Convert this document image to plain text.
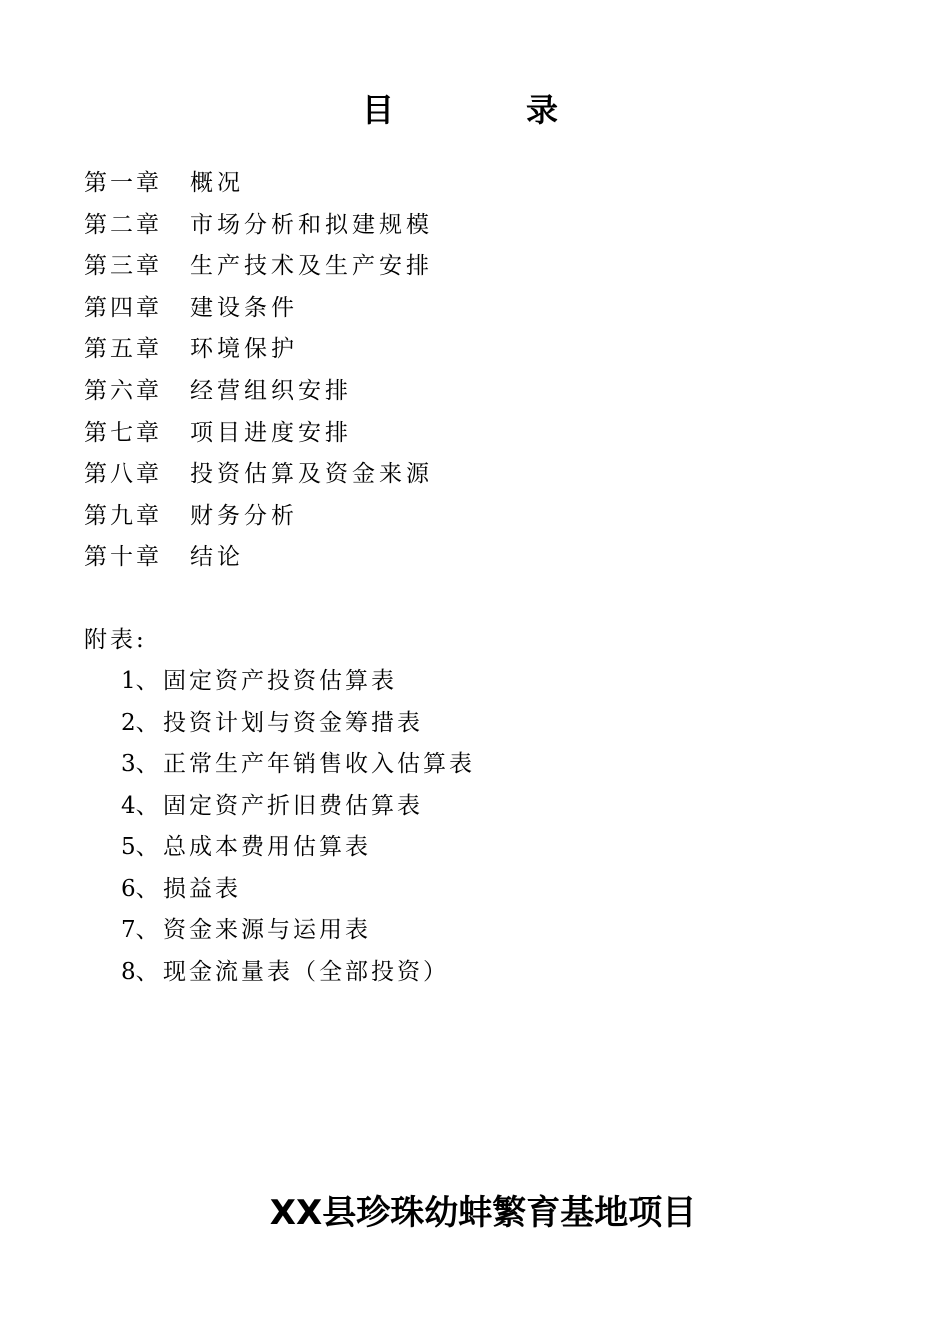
目　录
第一章 概况
第二章 市场分析和拟建规模
第三章 生产技术及生产安排
第四章 建设条件
第五章 环境保护
第六章 经营组织安排
第七章 项目进度安排
第八章 投资估算及资金来源
第九章 财务分析
第十章 结论
附表:
1、 固定资产投资估算表
2、 投资计划与资金筹措表
3、 正常生产年销售收入估算表
4、 固定资产折旧费估算表
5、 总成本费用估算表
6、 损益表
7、 资金来源与运用表
8、 现金流量表（全部投资）
XX县珍珠幼蚌繁育基地项目
